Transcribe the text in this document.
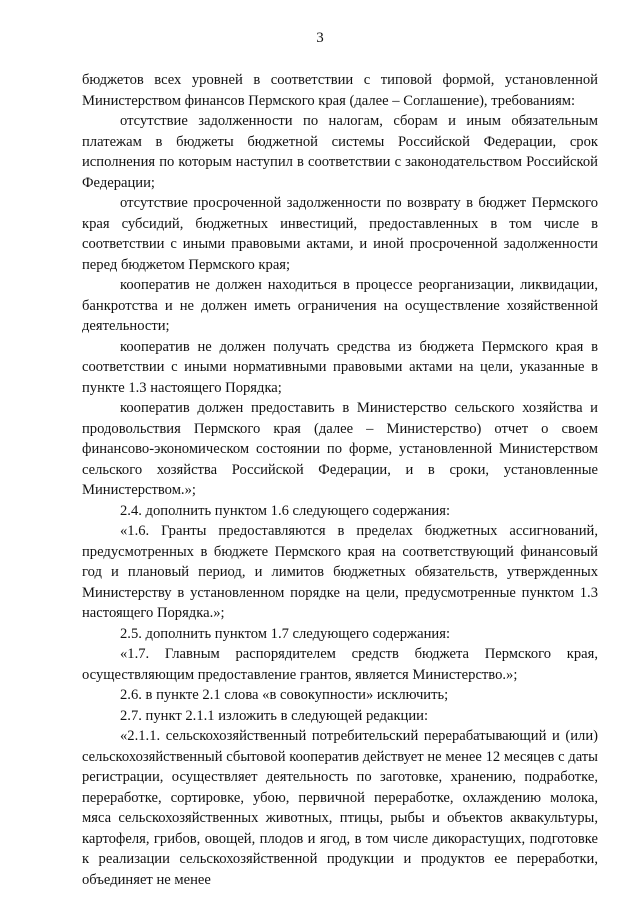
3

бюджетов всех уровней в соответствии с типовой формой, установленной Министерством финансов Пермского края (далее – Соглашение), требованиям:

отсутствие задолженности по налогам, сборам и иным обязательным платежам в бюджеты бюджетной системы Российской Федерации, срок исполнения по которым наступил в соответствии с законодательством Российской Федерации;

отсутствие просроченной задолженности по возврату в бюджет Пермского края субсидий, бюджетных инвестиций, предоставленных в том числе в соответствии с иными правовыми актами, и иной просроченной задолженности перед бюджетом Пермского края;

кооператив не должен находиться в процессе реорганизации, ликвидации, банкротства и не должен иметь ограничения на осуществление хозяйственной деятельности;

кооператив не должен получать средства из бюджета Пермского края в соответствии с иными нормативными правовыми актами на цели, указанные в пункте 1.3 настоящего Порядка;

кооператив должен предоставить в Министерство сельского хозяйства и продовольствия Пермского края (далее – Министерство) отчет о своем финансово-экономическом состоянии по форме, установленной Министерством сельского хозяйства Российской Федерации, и в сроки, установленные Министерством.»;

2.4. дополнить пунктом 1.6 следующего содержания:

«1.6. Гранты предоставляются в пределах бюджетных ассигнований, предусмотренных в бюджете Пермского края на соответствующий финансовый год и плановый период, и лимитов бюджетных обязательств, утвержденных Министерству в установленном порядке на цели, предусмотренные пунктом 1.3 настоящего Порядка.»;

2.5. дополнить пунктом 1.7 следующего содержания:

«1.7. Главным распорядителем средств бюджета Пермского края, осуществляющим предоставление грантов, является Министерство.»;

2.6. в пункте 2.1 слова «в совокупности» исключить;

2.7. пункт 2.1.1 изложить в следующей редакции:

«2.1.1. сельскохозяйственный потребительский перерабатывающий и (или) сельскохозяйственный сбытовой кооператив действует не менее 12 месяцев с даты регистрации, осуществляет деятельность по заготовке, хранению, подработке, переработке, сортировке, убою, первичной переработке, охлаждению молока, мяса сельскохозяйственных животных, птицы, рыбы и объектов аквакультуры, картофеля, грибов, овощей, плодов и ягод, в том числе дикорастущих, подготовке к реализации сельскохозяйственной продукции и продуктов ее переработки, объединяет не менее
